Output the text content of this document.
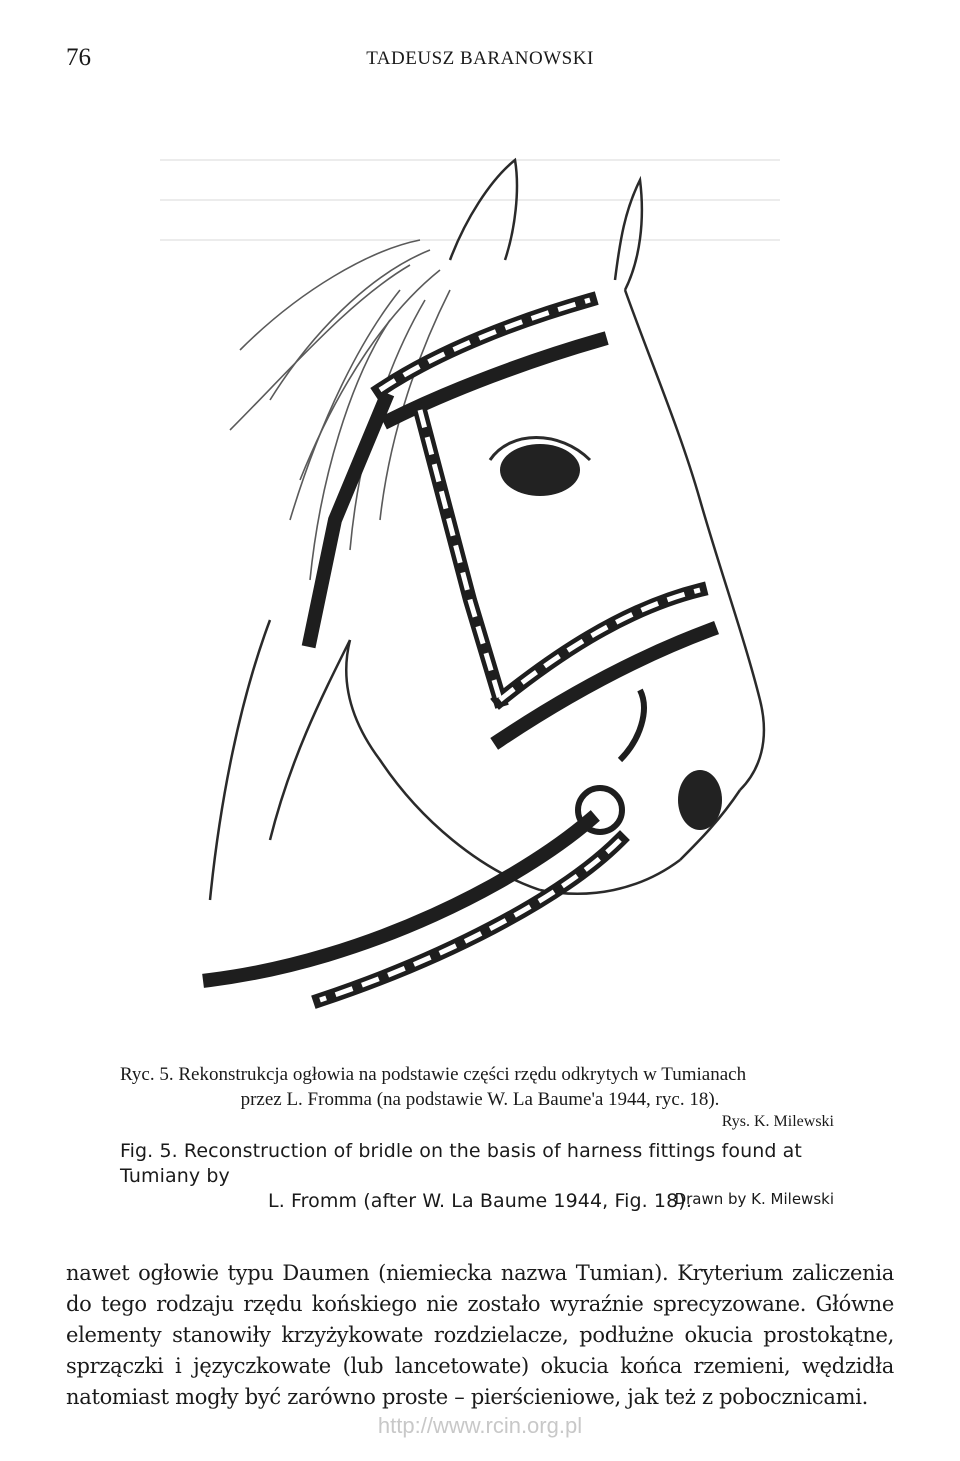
76	TADEUSZ BARANOWSKI
Ryc. 5. Rekonstrukcja ogłowia na podstawie części rzędu odkrytych w Tumianach
przez L. Fromma (na podstawie W. La Baume'a 1944, ryc. 18).
Rys. K. Milewski
Fig. 5. Reconstruction of bridle on the basis of harness fittings found at Tumiany by
L. Fromm (after W. La Baume 1944, Fig. 18).
Drawn by K. Milewski
nawet ogłowie typu Daumen (niemiecka nazwa Tumian). Kryterium zaliczenia do tego rodzaju rzędu końskiego nie zostało wyraźnie sprecyzowane. Główne elementy stanowiły krzyżykowate rozdzielacze, podłużne okucia prostokątne, sprzączki i języczkowate (lub lancetowate) okucia końca rzemieni, wędzidła natomiast mogły być zarówno proste – pierścieniowe, jak też z pobocznicami.
http://www.rcin.org.pl
